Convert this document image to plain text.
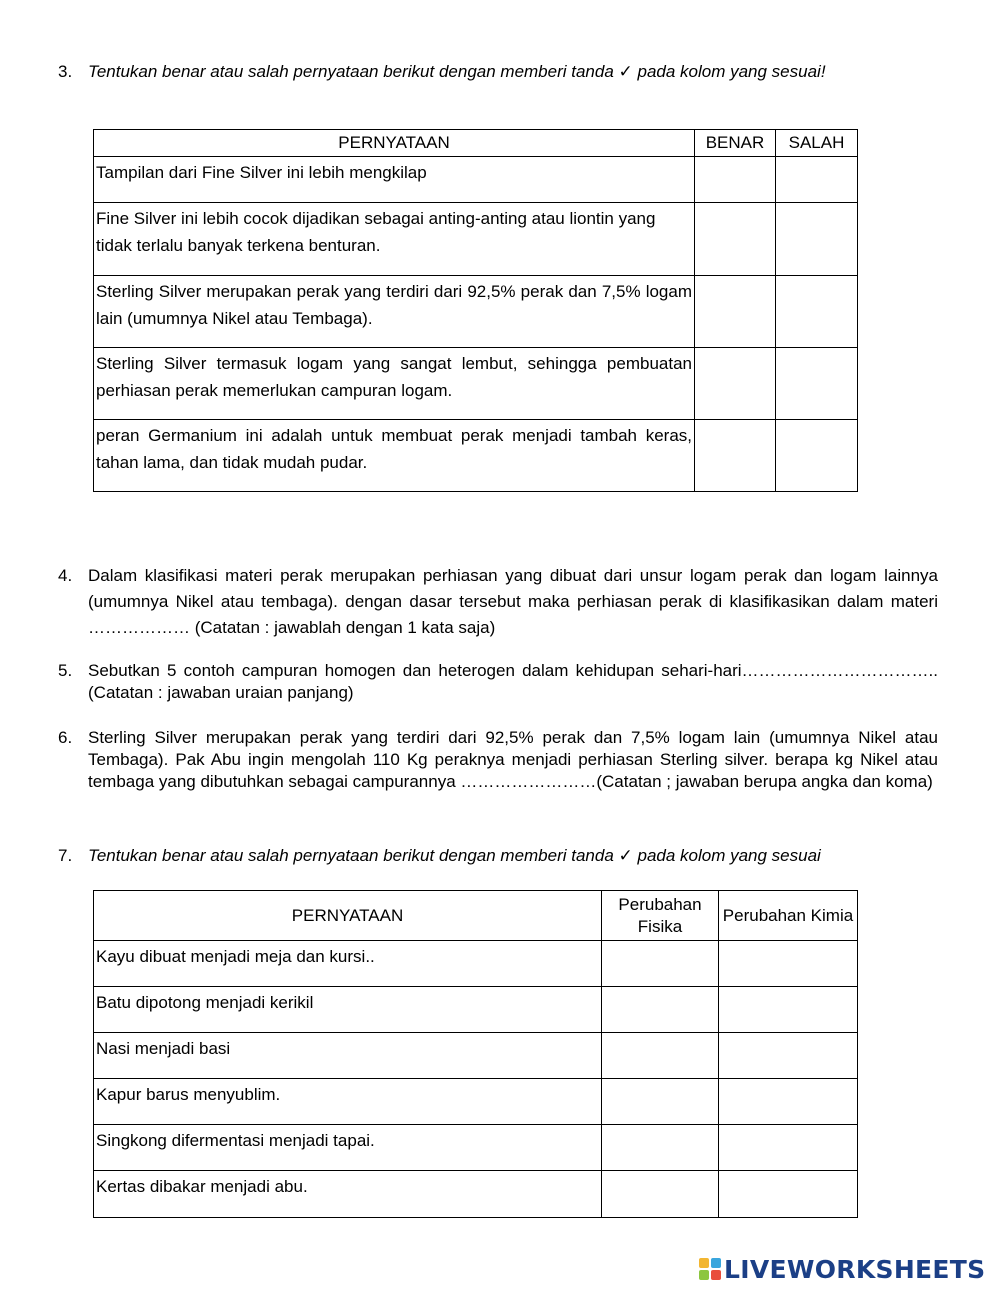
3. Tentukan benar atau salah pernyataan berikut dengan memberi tanda ✓ pada kolom yang sesuai!
PERNYATAAN	BENAR	SALAH
Tampilan dari Fine Silver ini lebih mengkilap		
Fine Silver ini lebih cocok dijadikan sebagai anting-anting atau liontin yang tidak terlalu banyak terkena benturan.		
Sterling Silver merupakan perak yang terdiri dari 92,5% perak dan 7,5% logam lain (umumnya Nikel atau Tembaga).		
Sterling Silver termasuk logam yang sangat lembut, sehingga pembuatan perhiasan perak memerlukan campuran logam.		
peran Germanium ini adalah untuk membuat perak menjadi tambah keras, tahan lama, dan tidak mudah pudar.		
4. Dalam klasifikasi materi perak merupakan perhiasan yang dibuat dari unsur logam perak dan logam lainnya (umumnya Nikel atau tembaga). dengan dasar tersebut maka perhiasan perak di klasifikasikan dalam materi ……………… (Catatan : jawablah dengan 1 kata saja)
5. Sebutkan 5 contoh campuran homogen dan heterogen dalam kehidupan sehari-hari……………………………..(Catatan : jawaban uraian panjang)
6. Sterling Silver merupakan perak yang terdiri dari 92,5% perak dan 7,5% logam lain (umumnya Nikel atau Tembaga). Pak Abu ingin mengolah 110 Kg peraknya menjadi perhiasan Sterling silver. berapa kg Nikel atau tembaga yang dibutuhkan sebagai campurannya ……………………(Catatan ; jawaban berupa angka dan koma)
7. Tentukan benar atau salah pernyataan berikut dengan memberi tanda ✓ pada kolom yang sesuai
PERNYATAAN	Perubahan Fisika	Perubahan Kimia
Kayu dibuat menjadi meja dan kursi..		
Batu dipotong menjadi kerikil		
Nasi menjadi basi		
Kapur barus menyublim.		
Singkong difermentasi menjadi tapai.		
Kertas dibakar menjadi abu.		
LIVEWORKSHEETS
